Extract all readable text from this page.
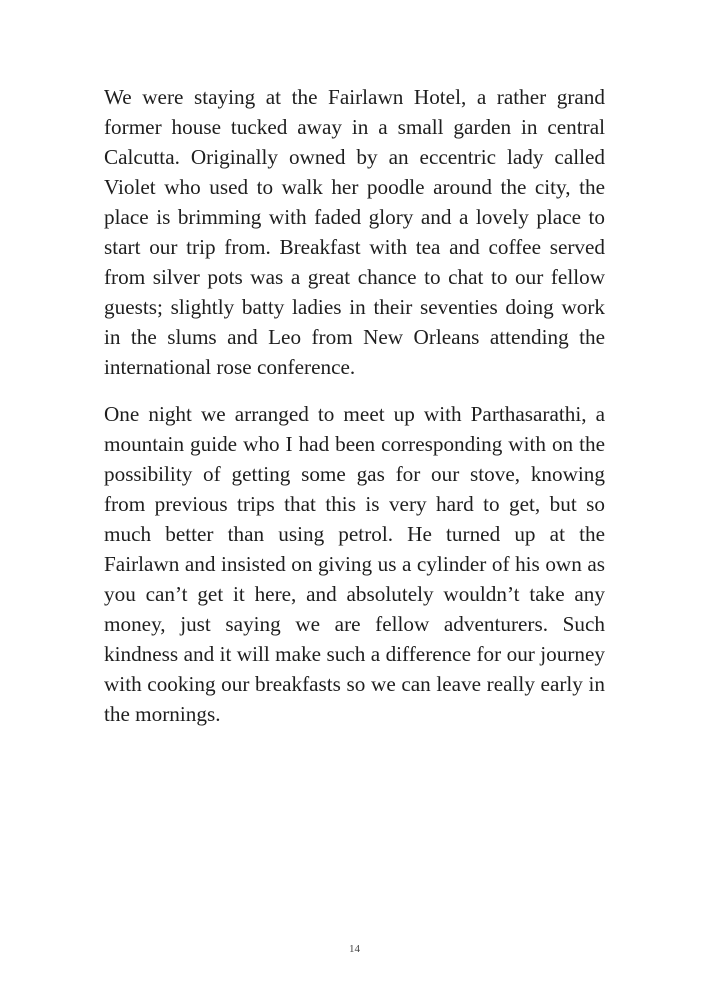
We were staying at the Fairlawn Hotel, a rather grand former house tucked away in a small garden in central Calcutta. Originally owned by an eccentric lady called Violet who used to walk her poodle around the city, the place is brimming with faded glory and a lovely place to start our trip from. Breakfast with tea and coffee served from silver pots was a great chance to chat to our fellow guests; slightly batty ladies in their seventies doing work in the slums and Leo from New Orleans attending the international rose conference.

One night we arranged to meet up with Parthasarathi, a mountain guide who I had been corresponding with on the possibility of getting some gas for our stove, knowing from previous trips that this is very hard to get, but so much better than using petrol. He turned up at the Fairlawn and insisted on giving us a cylinder of his own as you can’t get it here, and absolutely wouldn’t take any money, just saying we are fellow adventurers. Such kindness and it will make such a difference for our journey with cooking our breakfasts so we can leave really early in the mornings.

14
